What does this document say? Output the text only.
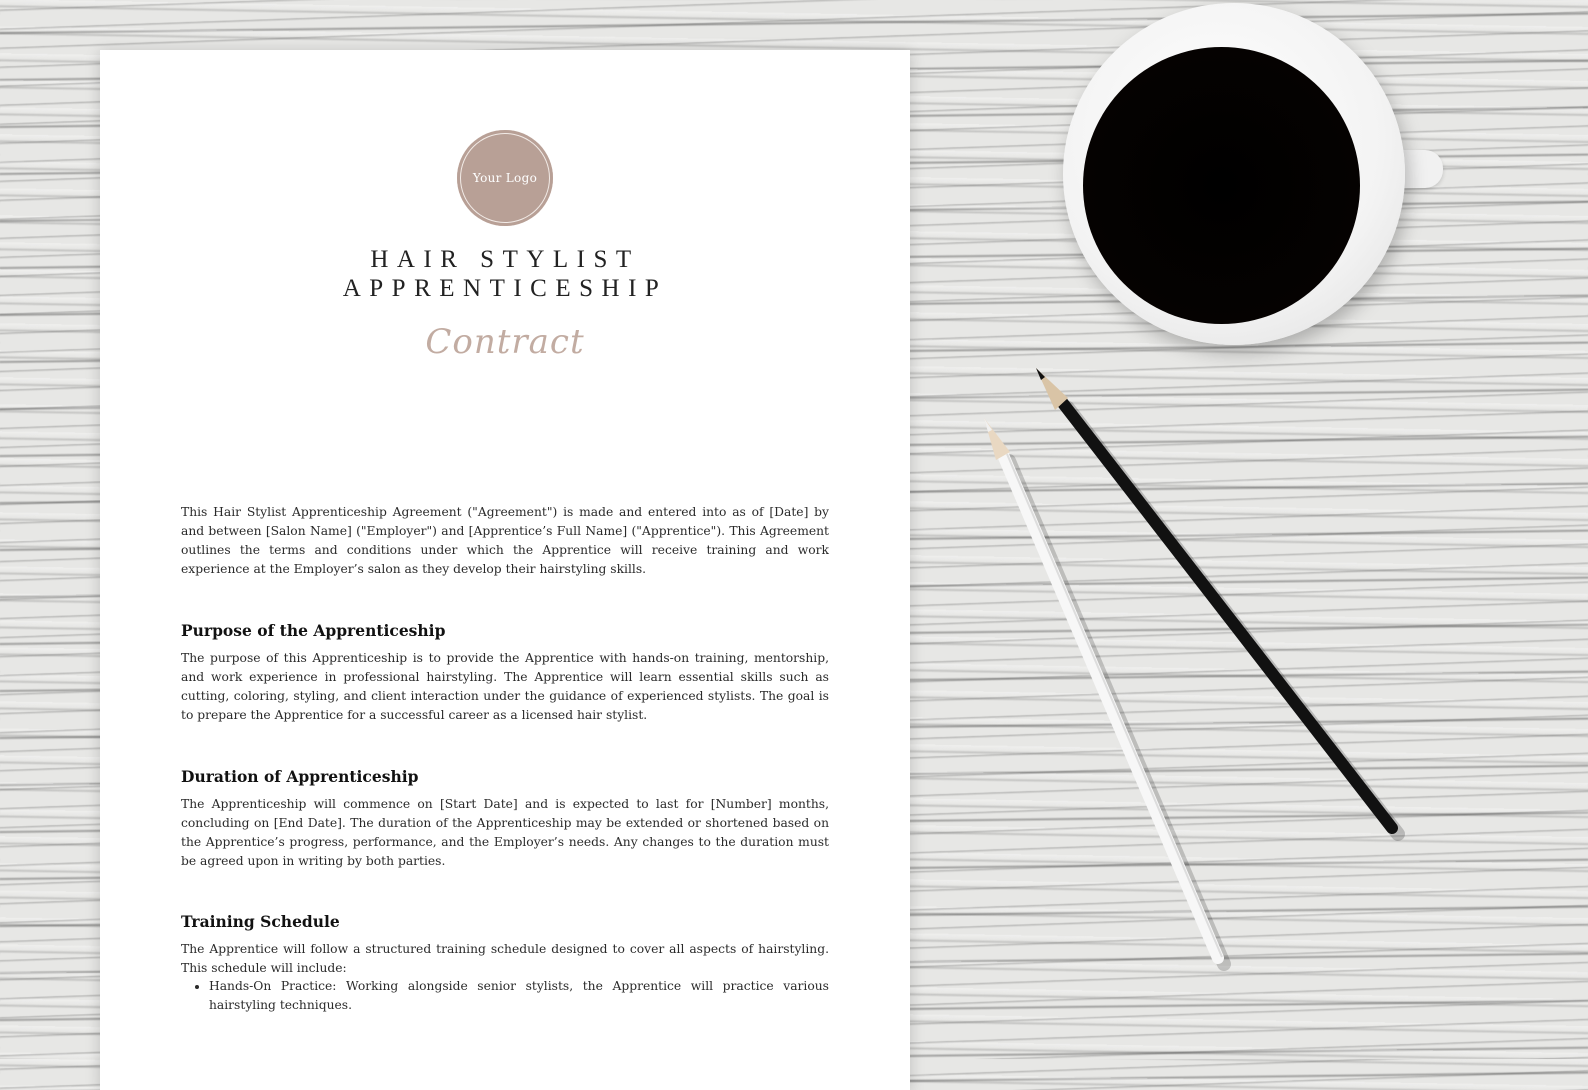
Your Logo
HAIR STYLIST
APPRENTICESHIP
Contract

This Hair Stylist Apprenticeship Agreement ("Agreement") is made and entered into as of [Date] by and between [Salon Name] ("Employer") and [Apprentice’s Full Name] ("Apprentice"). This Agreement outlines the terms and conditions under which the Apprentice will receive training and work experience at the Employer’s salon as they develop their hairstyling skills.

Purpose of the Apprenticeship

The purpose of this Apprenticeship is to provide the Apprentice with hands-on training, mentorship, and work experience in professional hairstyling. The Apprentice will learn essential skills such as cutting, coloring, styling, and client interaction under the guidance of experienced stylists. The goal is to prepare the Apprentice for a successful career as a licensed hair stylist.

Duration of Apprenticeship

The Apprenticeship will commence on [Start Date] and is expected to last for [Number] months, concluding on [End Date]. The duration of the Apprenticeship may be extended or shortened based on the Apprentice’s progress, performance, and the Employer’s needs. Any changes to the duration must be agreed upon in writing by both parties.

Training Schedule

The Apprentice will follow a structured training schedule designed to cover all aspects of hairstyling. This schedule will include:

• Hands-On Practice: Working alongside senior stylists, the Apprentice will practice various hairstyling techniques.
